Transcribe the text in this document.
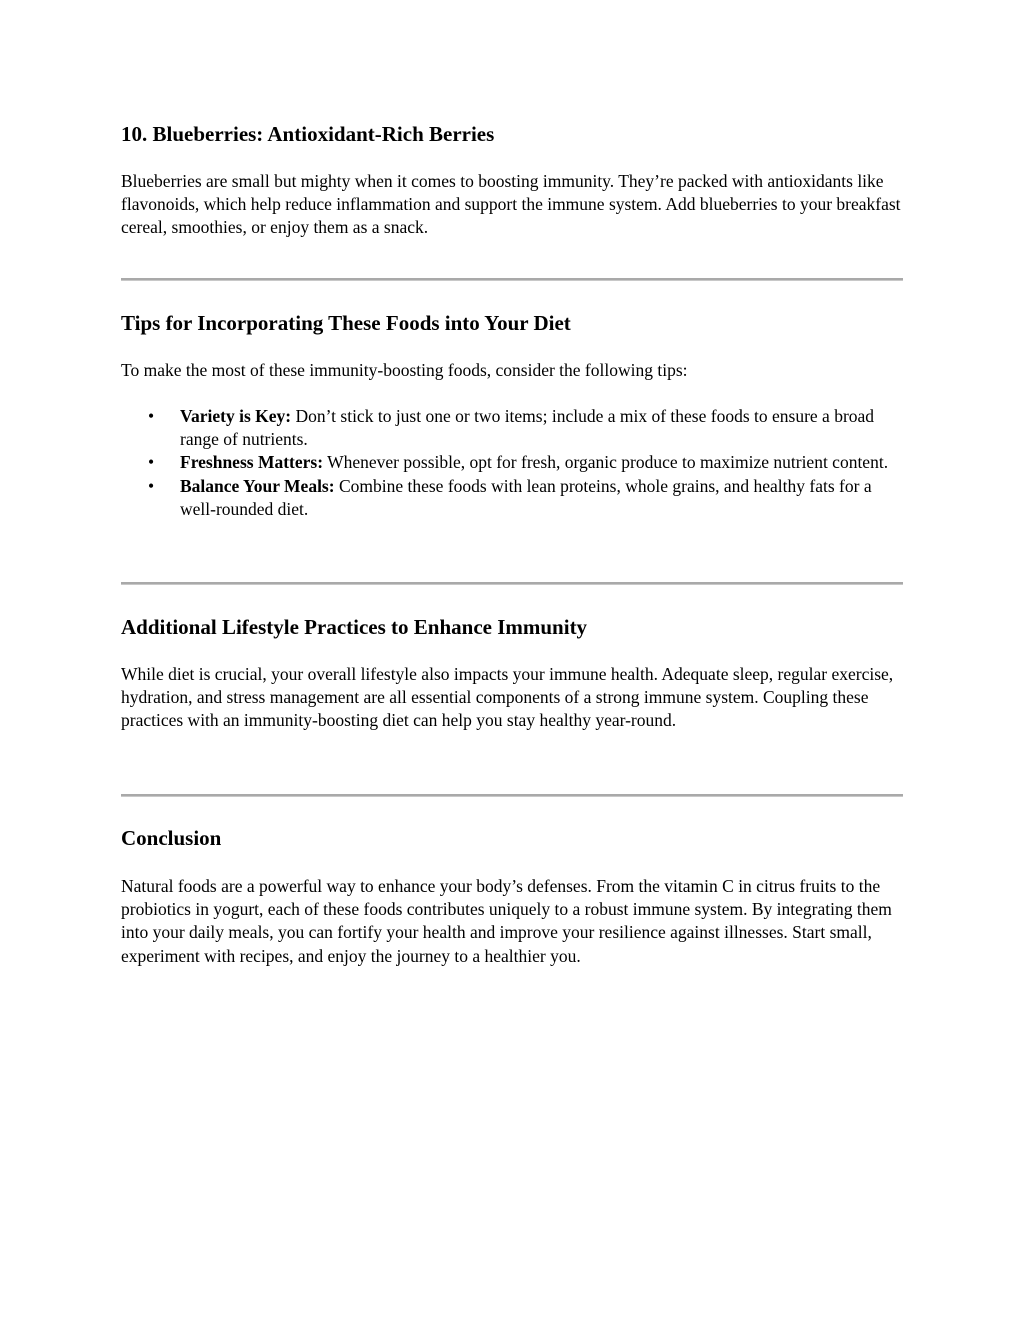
10. Blueberries: Antioxidant-Rich Berries

Blueberries are small but mighty when it comes to boosting immunity. They’re packed with antioxidants like flavonoids, which help reduce inflammation and support the immune system. Add blueberries to your breakfast cereal, smoothies, or enjoy them as a snack.

Tips for Incorporating These Foods into Your Diet

To make the most of these immunity-boosting foods, consider the following tips:

• Variety is Key: Don’t stick to just one or two items; include a mix of these foods to ensure a broad range of nutrients.
• Freshness Matters: Whenever possible, opt for fresh, organic produce to maximize nutrient content.
• Balance Your Meals: Combine these foods with lean proteins, whole grains, and healthy fats for a well-rounded diet.
Additional Lifestyle Practices to Enhance Immunity

While diet is crucial, your overall lifestyle also impacts your immune health. Adequate sleep, regular exercise, hydration, and stress management are all essential components of a strong immune system. Coupling these practices with an immunity-boosting diet can help you stay healthy year-round.

Conclusion

Natural foods are a powerful way to enhance your body’s defenses. From the vitamin C in citrus fruits to the probiotics in yogurt, each of these foods contributes uniquely to a robust immune system. By integrating them into your daily meals, you can fortify your health and improve your resilience against illnesses. Start small, experiment with recipes, and enjoy the journey to a healthier you.
